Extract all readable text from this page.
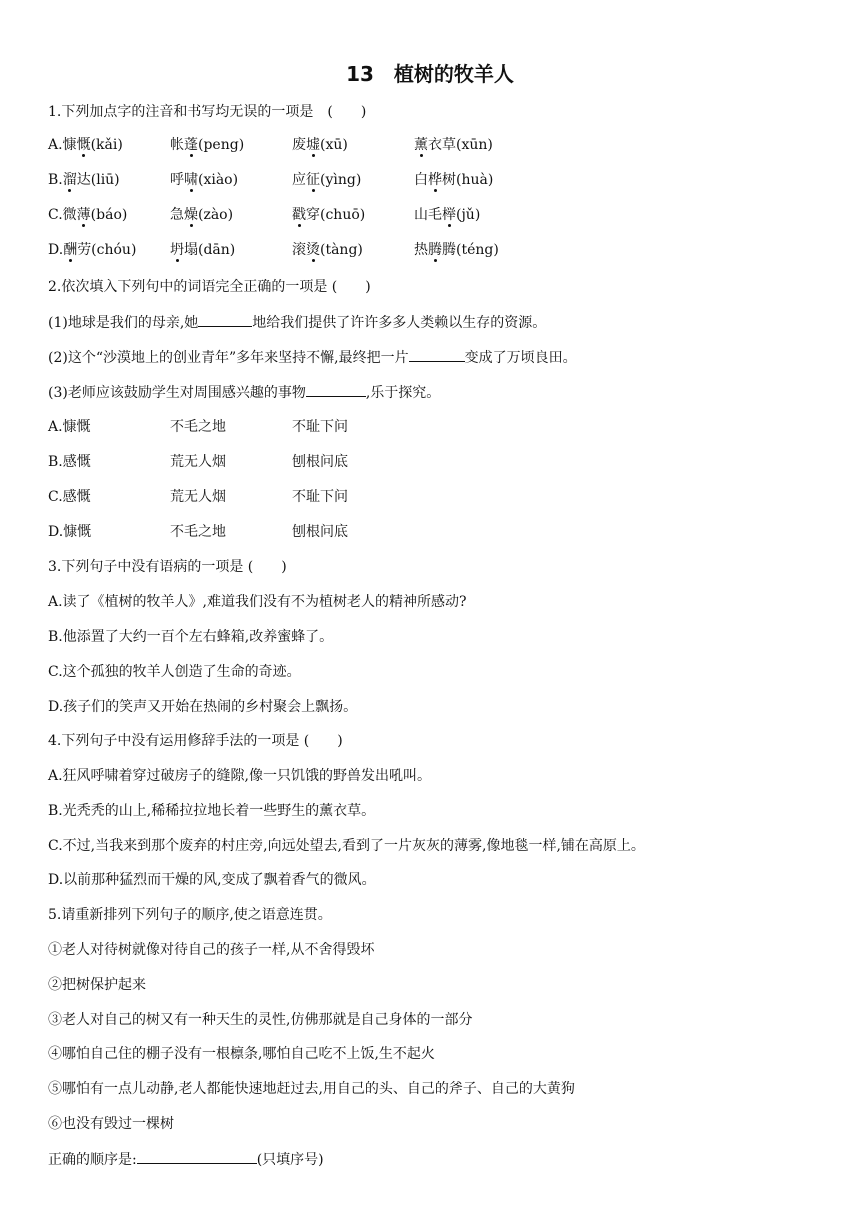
13　植树的牧羊人
1.下列加点字的注音和书写均无误的一项是　(　　)
A.慷慨(kǎi)	帐蓬(peng)	废墟(xū)	薰衣草(xūn)
B.溜达(liū)	呼啸(xiào)	应征(yìng)	白桦树(huà)
C.微薄(báo)	急燥(zào)	戳穿(chuō)	山毛榉(jǔ)
D.酬劳(chóu) 坍塌(dān)	滚烫(tàng)	热腾腾(téng)
2.依次填入下列句中的词语完全正确的一项是 (　　)
(1)地球是我们的母亲,她	地给我们提供了许许多多人类赖以生存的资源。
(2)这个“沙漠地上的创业青年”多年来坚持不懈,最终把一片	变成了万顷良田。
(3)老师应该鼓励学生对周围感兴趣的事物	,乐于探究。
A.慷慨	不毛之地	不耻下问
B.感慨	荒无人烟	刨根问底
C.感慨	荒无人烟	不耻下问
D.慷慨	不毛之地	刨根问底
3.下列句子中没有语病的一项是 (　　)
A.读了《植树的牧羊人》,难道我们没有不为植树老人的精神所感动?
B.他添置了大约一百个左右蜂箱,改养蜜蜂了。
C.这个孤独的牧羊人创造了生命的奇迹。
D.孩子们的笑声又开始在热闹的乡村聚会上飘扬。
4.下列句子中没有运用修辞手法的一项是 (　　)
A.狂风呼啸着穿过破房子的缝隙,像一只饥饿的野兽发出吼叫。
B.光秃秃的山上,稀稀拉拉地长着一些野生的薰衣草。
C.不过,当我来到那个废弃的村庄旁,向远处望去,看到了一片灰灰的薄雾,像地毯一样,铺在高原上。
D.以前那种猛烈而干燥的风,变成了飘着香气的微风。
5.请重新排列下列句子的顺序,使之语意连贯。
①老人对待树就像对待自己的孩子一样,从不舍得毁坏
②把树保护起来
③老人对自己的树又有一种天生的灵性,仿佛那就是自己身体的一部分
④哪怕自己住的棚子没有一根檩条,哪怕自己吃不上饭,生不起火
⑤哪怕有一点儿动静,老人都能快速地赶过去,用自己的头、自己的斧子、自己的大黄狗
⑥也没有毁过一棵树
正确的顺序是:	(只填序号)
